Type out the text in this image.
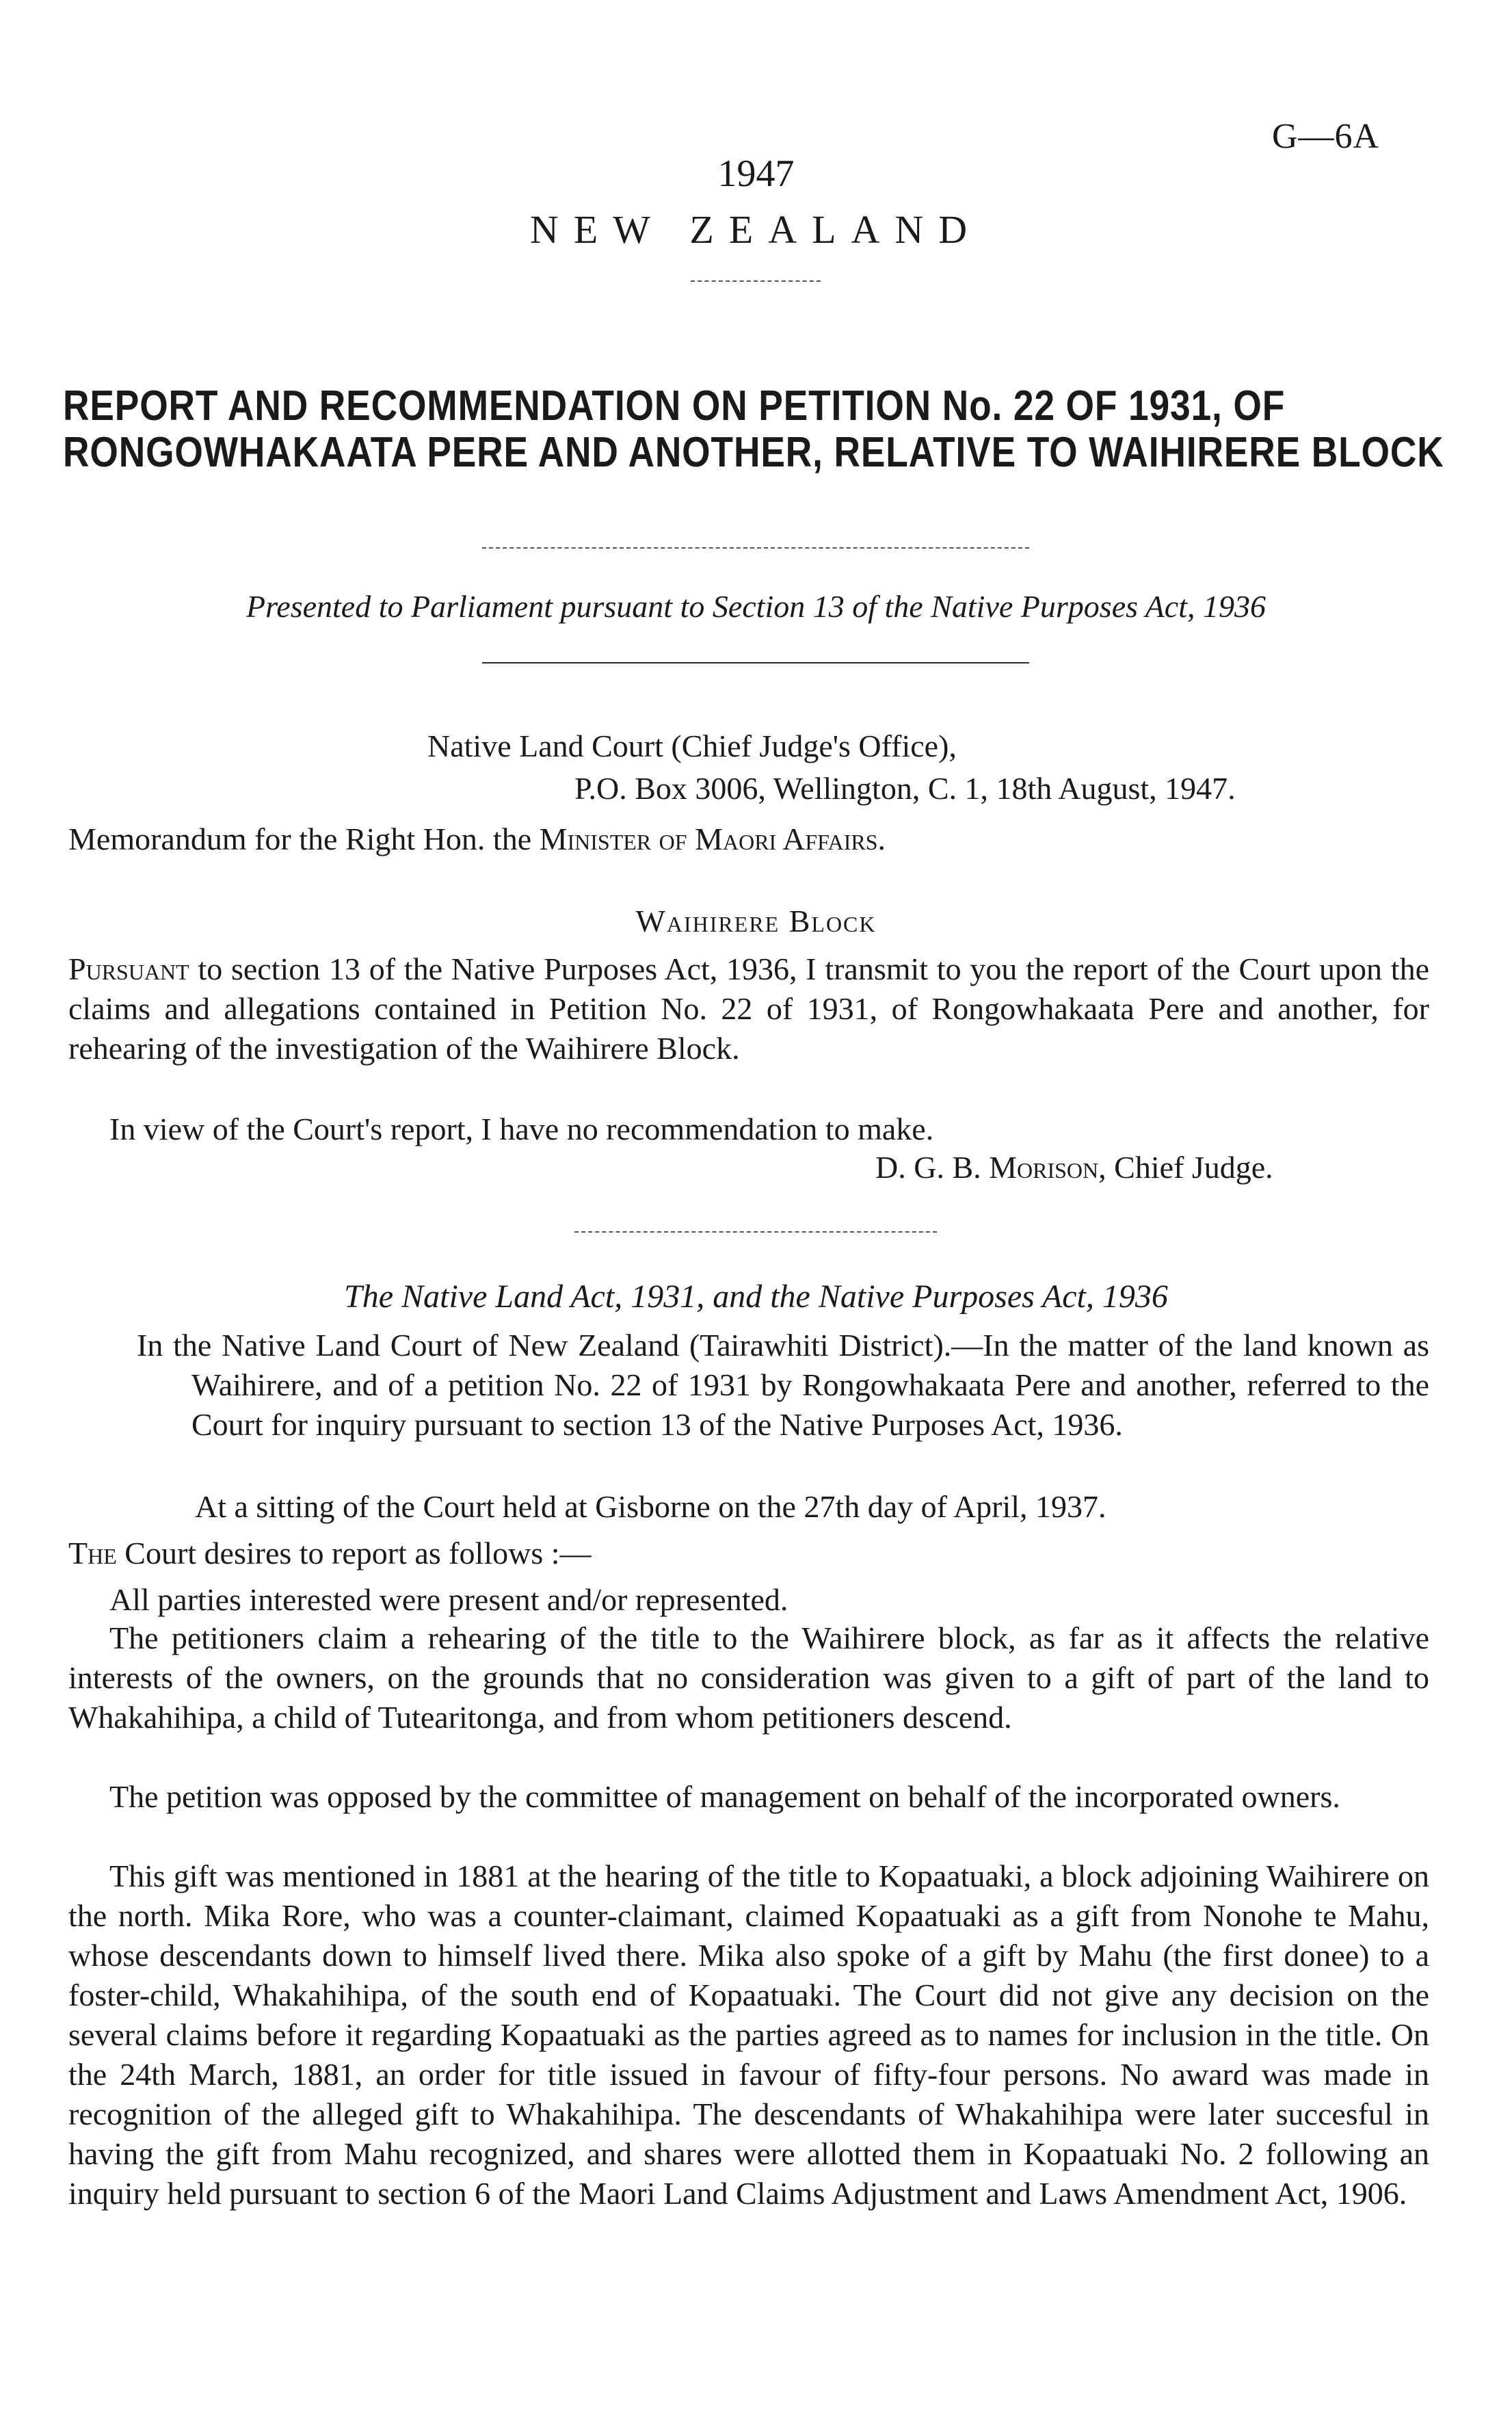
G—6A
1947
NEW ZEALAND
REPORT AND RECOMMENDATION ON PETITION No. 22 OF 1931, OF RONGOWHAKAATA PERE AND ANOTHER, RELATIVE TO WAIHIRERE BLOCK
Presented to Parliament pursuant to Section 13 of the Native Purposes Act, 1936
Native Land Court (Chief Judge's Office),
P.O. Box 3006, Wellington, C. 1, 18th August, 1947.
Memorandum for the Right Hon. the Minister of Maori Affairs.
Waihirere Block

Pursuant to section 13 of the Native Purposes Act, 1936, I transmit to you the report of the Court upon the claims and allegations contained in Petition No. 22 of 1931, of Rongowhakaata Pere and another, for rehearing of the investigation of the Waihirere Block.

In view of the Court's report, I have no recommendation to make.

D. G. B. Morison, Chief Judge.
The Native Land Act, 1931, and the Native Purposes Act, 1936

In the Native Land Court of New Zealand (Tairawhiti District).—In the matter of the land known as Waihirere, and of a petition No. 22 of 1931 by Rongowhakaata Pere and another, referred to the Court for inquiry pursuant to section 13 of the Native Purposes Act, 1936.

At a sitting of the Court held at Gisborne on the 27th day of April, 1937.

The Court desires to report as follows :—

All parties interested were present and/or represented.

The petitioners claim a rehearing of the title to the Waihirere block, as far as it affects the relative interests of the owners, on the grounds that no consideration was given to a gift of part of the land to Whakahihipa, a child of Tutearitonga, and from whom petitioners descend.

The petition was opposed by the committee of management on behalf of the incorporated owners.

This gift was mentioned in 1881 at the hearing of the title to Kopaatuaki, a block adjoining Waihirere on the north. Mika Rore, who was a counter-claimant, claimed Kopaatuaki as a gift from Nonohe te Mahu, whose descendants down to himself lived there. Mika also spoke of a gift by Mahu (the first donee) to a foster-child, Whakahihipa, of the south end of Kopaatuaki. The Court did not give any decision on the several claims before it regarding Kopaatuaki as the parties agreed as to names for inclusion in the title. On the 24th March, 1881, an order for title issued in favour of fifty-four persons. No award was made in recognition of the alleged gift to Whakahihipa. The descendants of Whakahihipa were later succesful in having the gift from Mahu recognized, and shares were allotted them in Kopaatuaki No. 2 following an inquiry held pursuant to section 6 of the Maori Land Claims Adjustment and Laws Amendment Act, 1906.
